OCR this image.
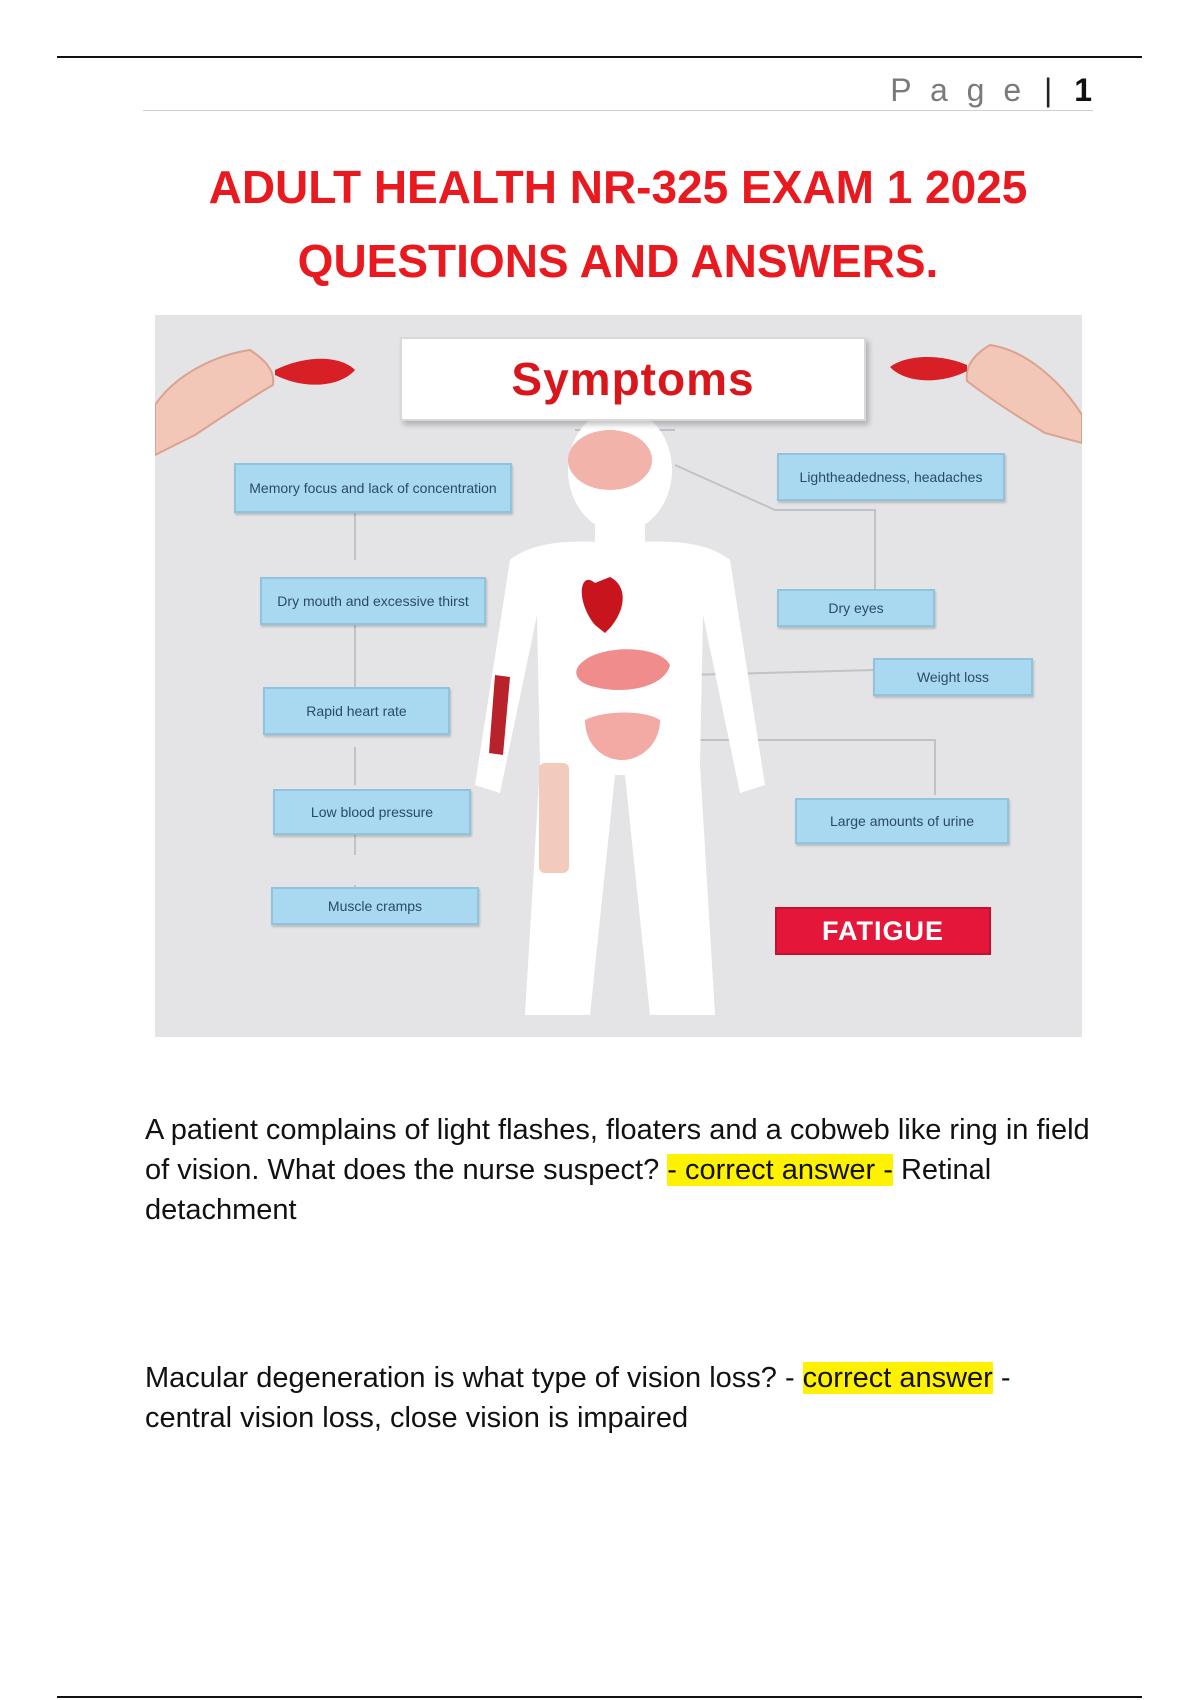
P a g e | 1
ADULT HEALTH NR-325 EXAM 1 2025 QUESTIONS AND ANSWERS.
Symptoms
Memory focus and lack of concentration
Dry mouth and excessive thirst
Rapid heart rate
Low blood pressure
Muscle cramps
Lightheadedness, headaches
Dry eyes
Weight loss
Large amounts of urine
FATIGUE

A patient complains of light flashes, floaters and a cobweb like ring in field of vision. What does the nurse suspect? - correct answer - Retinal detachment

Macular degeneration is what type of vision loss? - correct answer - central vision loss, close vision is impaired
